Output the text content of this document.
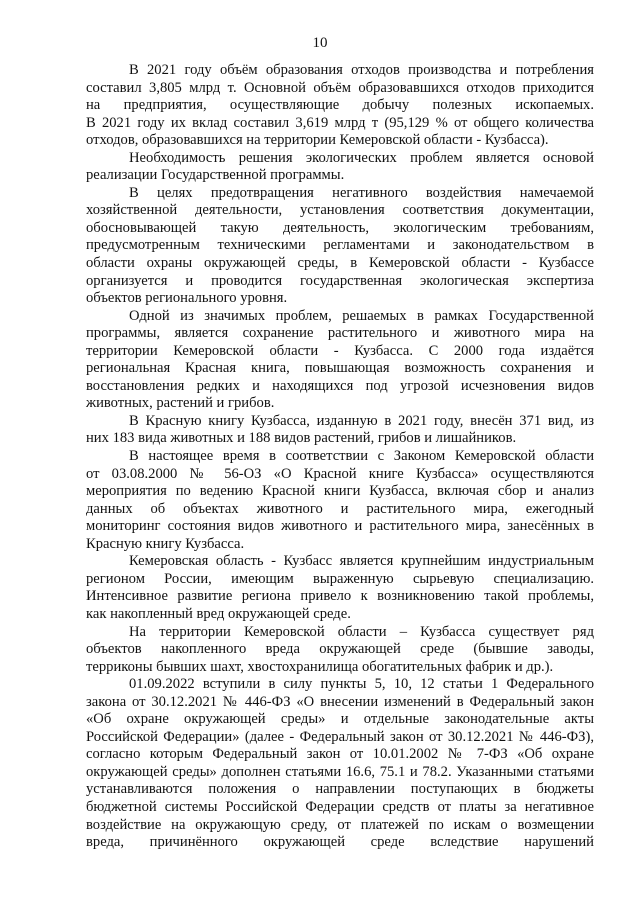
10

В 2021 году объём образования отходов производства и потребления
составил 3,805 млрд т. Основной объём образовавшихся отходов приходится
на предприятия, осуществляющие добычу полезных ископаемых.
В 2021 году их вклад составил 3,619 млрд т (95,129 % от общего количества
отходов, образовавшихся на территории Кемеровской области - Кузбасса).

Необходимость решения экологических проблем является основой
реализации Государственной программы.

В целях предотвращения негативного воздействия намечаемой
хозяйственной деятельности, установления соответствия документации,
обосновывающей такую деятельность, экологическим требованиям,
предусмотренным техническими регламентами и законодательством в
области охраны окружающей среды, в Кемеровской области - Кузбассе
организуется и проводится государственная экологическая экспертиза
объектов регионального уровня.

Одной из значимых проблем, решаемых в рамках Государственной
программы, является сохранение растительного и животного мира на
территории Кемеровской области - Кузбасса. С 2000 года издаётся
региональная Красная книга, повышающая возможность сохранения и
восстановления редких и находящихся под угрозой исчезновения видов
животных, растений и грибов.

В Красную книгу Кузбасса, изданную в 2021 году, внесён 371 вид, из
них 183 вида животных и 188 видов растений, грибов и лишайников.

В настоящее время в соответствии с Законом Кемеровской области
от 03.08.2000 № 56-ОЗ «О Красной книге Кузбасса» осуществляются
мероприятия по ведению Красной книги Кузбасса, включая сбор и анализ
данных об объектах животного и растительного мира, ежегодный
мониторинг состояния видов животного и растительного мира, занесённых в
Красную книгу Кузбасса.

Кемеровская область - Кузбасс является крупнейшим индустриальным
регионом России, имеющим выраженную сырьевую специализацию.
Интенсивное развитие региона привело к возникновению такой проблемы,
как накопленный вред окружающей среде.

На территории Кемеровской области – Кузбасса существует ряд
объектов накопленного вреда окружающей среде (бывшие заводы,
терриконы бывших шахт, хвостохранилища обогатительных фабрик и др.).

01.09.2022 вступили в силу пункты 5, 10, 12 статьи 1 Федерального
закона от 30.12.2021 № 446-ФЗ «О внесении изменений в Федеральный закон
«Об охране окружающей среды» и отдельные законодательные акты
Российской Федерации» (далее - Федеральный закон от 30.12.2021 № 446-ФЗ),
согласно которым Федеральный закон от 10.01.2002 № 7-ФЗ «Об охране
окружающей среды» дополнен статьями 16.6, 75.1 и 78.2. Указанными статьями
устанавливаются положения о направлении поступающих в бюджеты
бюджетной системы Российской Федерации средств от платы за негативное
воздействие на окружающую среду, от платежей по искам о возмещении
вреда, причинённого окружающей среде вследствие нарушений
